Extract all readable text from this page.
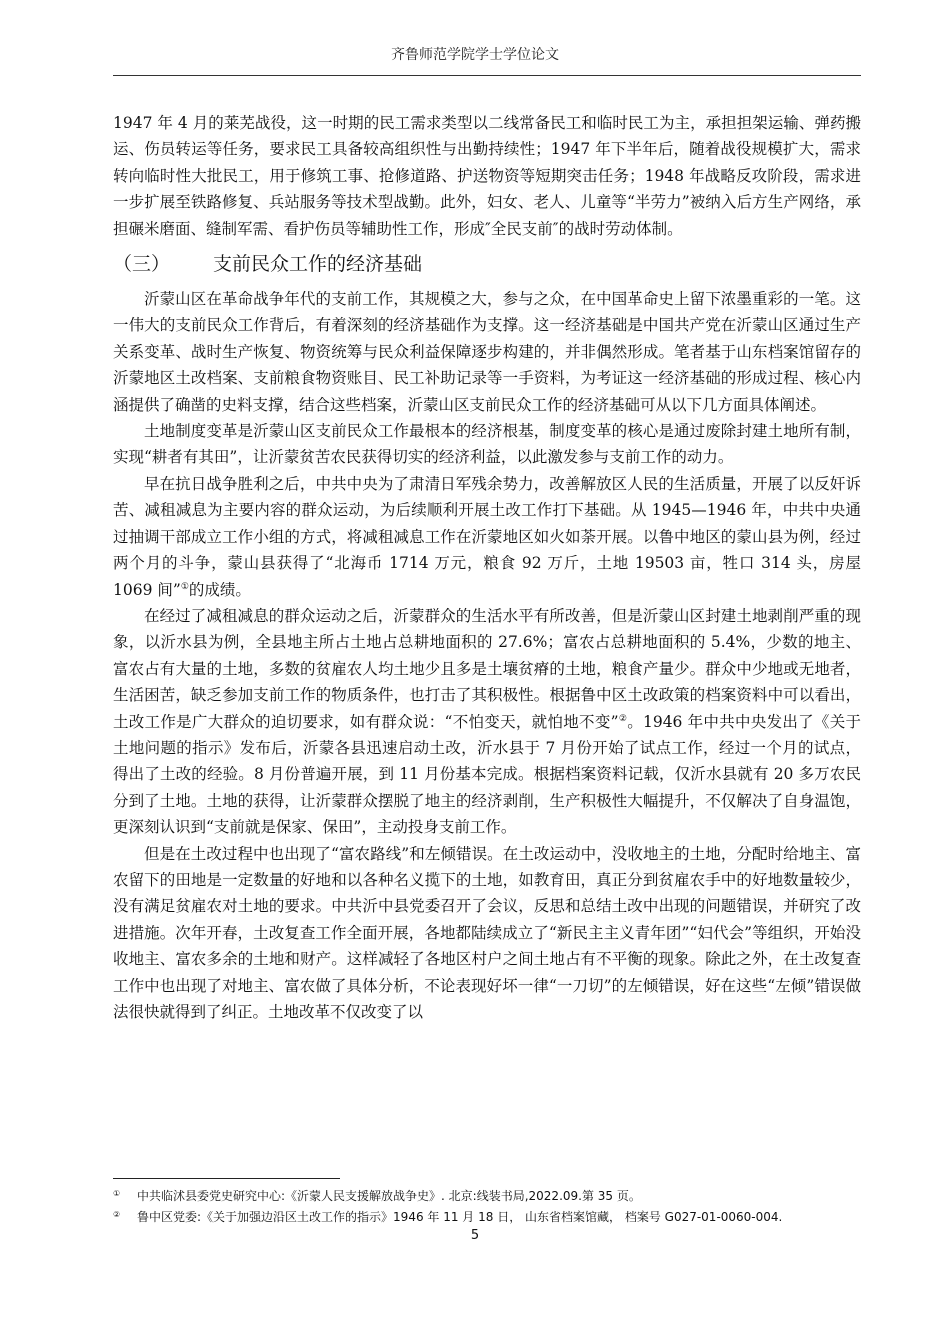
齐鲁师范学院学士学位论文

1947 年 4 月的莱芜战役，这一时期的民工需求类型以二线常备民工和临时民工为主，承担担架运输、弹药搬运、伤员转运等任务，要求民工具备较高组织性与出勤持续性；1947 年下半年后，随着战役规模扩大，需求转向临时性大批民工，用于修筑工事、抢修道路、护送物资等短期突击任务；1948 年战略反攻阶段，需求进一步扩展至铁路修复、兵站服务等技术型战勤。此外，妇女、老人、儿童等“半劳力”被纳入后方生产网络，承担碾米磨面、缝制军需、看护伤员等辅助性工作，形成″全民支前″的战时劳动体制。

（三）	支前民众工作的经济基础

沂蒙山区在革命战争年代的支前工作，其规模之大，参与之众，在中国革命史上留下浓墨重彩的一笔。这一伟大的支前民众工作背后，有着深刻的经济基础作为支撑。这一经济基础是中国共产党在沂蒙山区通过生产关系变革、战时生产恢复、物资统筹与民众利益保障逐步构建的，并非偶然形成。笔者基于山东档案馆留存的沂蒙地区土改档案、支前粮食物资账目、民工补助记录等一手资料，为考证这一经济基础的形成过程、核心内涵提供了确凿的史料支撑，结合这些档案，沂蒙山区支前民众工作的经济基础可从以下几方面具体阐述。

土地制度变革是沂蒙山区支前民众工作最根本的经济根基，制度变革的核心是通过废除封建土地所有制，实现“耕者有其田”，让沂蒙贫苦农民获得切实的经济利益，以此激发参与支前工作的动力。

早在抗日战争胜利之后，中共中央为了肃清日军残余势力，改善解放区人民的生活质量，开展了以反奸诉苦、减租减息为主要内容的群众运动，为后续顺利开展土改工作打下基础。从 1945—1946 年，中共中央通过抽调干部成立工作小组的方式，将减租减息工作在沂蒙地区如火如荼开展。以鲁中地区的蒙山县为例，经过两个月的斗争，蒙山县获得了“北海币 1714 万元，粮食 92 万斤，土地 19503 亩，牲口 314 头，房屋 1069 间”①的成绩。

在经过了减租减息的群众运动之后，沂蒙群众的生活水平有所改善，但是沂蒙山区封建土地剥削严重的现象，以沂水县为例，全县地主所占土地占总耕地面积的 27.6%；富农占总耕地面积的 5.4%，少数的地主、富农占有大量的土地，多数的贫雇农人均土地少且多是土壤贫瘠的土地，粮食产量少。群众中少地或无地者，生活困苦，缺乏参加支前工作的物质条件，也打击了其积极性。根据鲁中区土改政策的档案资料中可以看出，土改工作是广大群众的迫切要求，如有群众说：“不怕变天，就怕地不变”②。1946 年中共中央发出了《关于土地问题的指示》发布后，沂蒙各县迅速启动土改，沂水县于 7 月份开始了试点工作，经过一个月的试点，得出了土改的经验。8 月份普遍开展，到 11 月份基本完成。根据档案资料记载，仅沂水县就有 20 多万农民分到了土地。土地的获得，让沂蒙群众摆脱了地主的经济剥削，生产积极性大幅提升，不仅解决了自身温饱，更深刻认识到“支前就是保家、保田”，主动投身支前工作。

但是在土改过程中也出现了“富农路线”和左倾错误。在土改运动中，没收地主的土地，分配时给地主、富农留下的田地是一定数量的好地和以各种名义揽下的土地，如教育田，真正分到贫雇农手中的好地数量较少，没有满足贫雇农对土地的要求。中共沂中县党委召开了会议，反思和总结土改中出现的问题错误，并研究了改进措施。次年开春，土改复查工作全面开展，各地都陆续成立了“新民主主义青年团”“妇代会”等组织，开始没收地主、富农多余的土地和财产。这样减轻了各地区村户之间土地占有不平衡的现象。除此之外，在土改复查工作中也出现了对地主、富农做了具体分析，不论表现好坏一律“一刀切”的左倾错误，好在这些“左倾”错误做法很快就得到了纠正。土地改革不仅改变了以

①	中共临沭县委党史研究中心:《沂蒙人民支援解放战争史》. 北京:线装书局,2022.09.第 35 页。
②	鲁中区党委:《关于加强边沿区土改工作的指示》1946 年 11 月 18 日， 山东省档案馆藏， 档案号 G027-01-0060-004.
5
